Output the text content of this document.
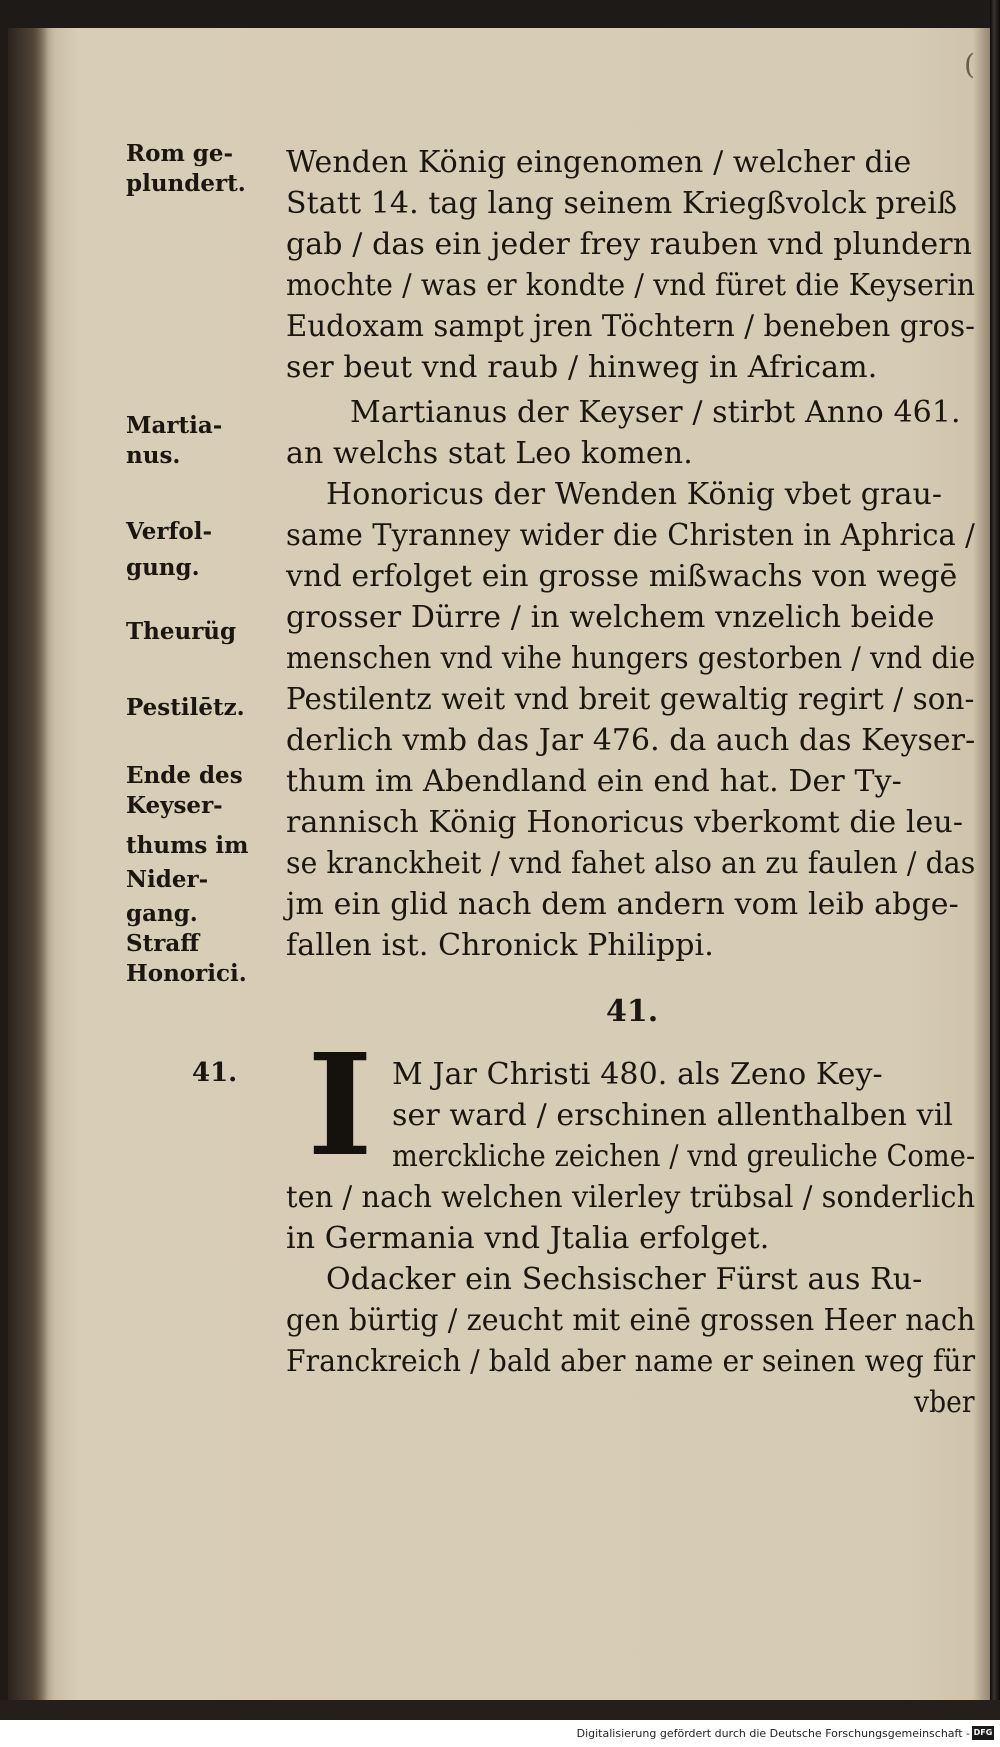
(
Rom ge-
plundert.
Martia-
nus.
Verfol-
gung.
Theurüg
Pestilētz.
Ende des
Keyser-
thums im
Nider-
gang.
Straff
Honorici.
Wenden König eingenomen / welcher die
Statt 14. tag lang seinem Kriegßvolck preiß
gab / das ein jeder frey rauben vnd plundern
mochte / was er kondte / vnd füret die Keyserin
Eudoxam sampt jren Töchtern / beneben gros-
ser beut vnd raub / hinweg in Africam.
Martianus der Keyser / stirbt Anno 461.
an welchs stat Leo komen.
Honoricus der Wenden König vbet grau-
same Tyranney wider die Christen in Aphrica /
vnd erfolget ein grosse mißwachs von wegē
grosser Dürre / in welchem vnzelich beide
menschen vnd vihe hungers gestorben / vnd die
Pestilentz weit vnd breit gewaltig regirt / son-
derlich vmb das Jar 476. da auch das Keyser-
thum im Abendland ein end hat. Der Ty-
rannisch König Honoricus vberkomt die leu-
se kranckheit / vnd fahet also an zu faulen / das
jm ein glid nach dem andern vom leib abge-
fallen ist. Chronick Philippi.
41.
41. I M Jar Christi 480. als Zeno Key-
ser ward / erschinen allenthalben vil
merckliche zeichen / vnd greuliche Come-
ten / nach welchen vilerley trübsal / sonderlich
in Germania vnd Jtalia erfolget.
Odacker ein Sechsischer Fürst aus Ru-
gen bürtig / zeucht mit einē grossen Heer nach
Franckreich / bald aber name er seinen weg für
vber
Digitalisierung gefördert durch die Deutsche Forschungsgemeinschaft - DFG
